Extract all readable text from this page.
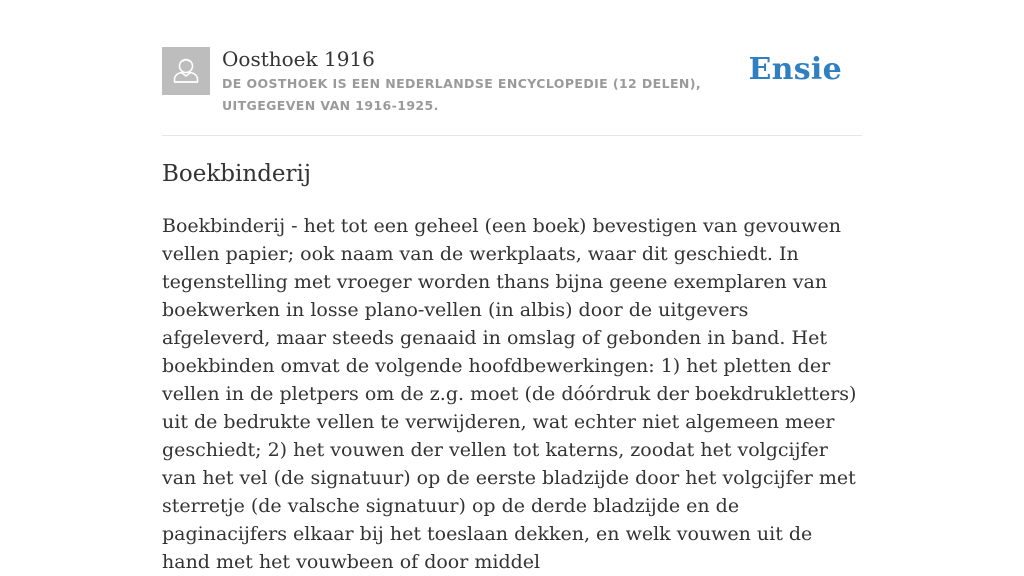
Oosthoek 1916
DE OOSTHOEK IS EEN NEDERLANDSE ENCYCLOPEDIE (12 DELEN), UITGEGEVEN VAN 1916-1925.
Ensie
Boekbinderij

Boekbinderij - het tot een geheel (een boek) bevestigen van gevouwen vellen papier; ook naam van de werkplaats, waar dit geschiedt. In tegenstelling met vroeger worden thans bijna geene exemplaren van boekwerken in losse plano-vellen (in albis) door de uitgevers afgeleverd, maar steeds genaaid in omslag of gebonden in band. Het boekbinden omvat de volgende hoofdbewerkingen: 1) het pletten der vellen in de pletpers om de z.g. moet (de dóórdruk der boekdrukletters) uit de bedrukte vellen te verwijderen, wat echter niet algemeen meer geschiedt; 2) het vouwen der vellen tot katerns, zoodat het volgcijfer van het vel (de signatuur) op de eerste bladzijde door het volgcijfer met sterretje (de valsche signatuur) op de derde bladzijde en de paginacijfers elkaar bij het toeslaan dekken, en welk vouwen uit de hand met het vouwbeen of door middel
